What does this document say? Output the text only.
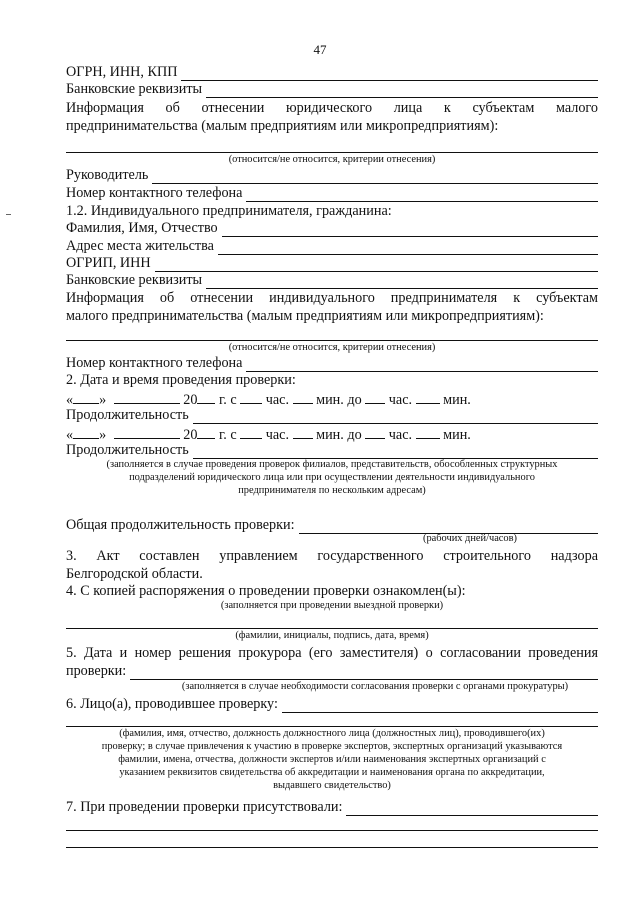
47
ОГРН, ИНН, КПП
Банковские реквизиты
Информация об отнесении юридического лица к субъектам малого
предпринимательства (малым предприятиям или микропредприятиям):
(относится/не относится, критерии отнесения)
Руководитель
Номер контактного телефона
1.2. Индивидуального предпринимателя, гражданина:
Фамилия, Имя, Отчество
Адрес места жительства
ОГРИП, ИНН
Банковские реквизиты
Информация об отнесении индивидуального предпринимателя к субъектам
малого предпринимательства (малым предприятиям или микропредприятиям):
(относится/не относится, критерии отнесения)
Номер контактного телефона
2. Дата и время проведения проверки:
« »	20 г. с час. мин. до час. мин.
Продолжительность
« »	20 г. с час. мин. до час. мин.
Продолжительность
(заполняется в случае проведения проверок филиалов, представительств, обособленных структурных
подразделений юридического лица или при осуществлении деятельности индивидуального
предпринимателя по нескольким адресам)
Общая продолжительность проверки:
(рабочих дней/часов)
3. Акт составлен управлением государственного строительного надзора
Белгородской области.
4. С копией распоряжения о проведении проверки ознакомлен(ы):
(заполняется при проведении выездной проверки)
(фамилии, инициалы, подпись, дата, время)
5. Дата и номер решения прокурора (его заместителя) о согласовании проведения
проверки:
(заполняется в случае необходимости согласования проверки с органами прокуратуры)
6. Лицо(а), проводившее проверку:
(фамилия, имя, отчество, должность должностного лица (должностных лиц), проводившего(их)
проверку; в случае привлечения к участию в проверке экспертов, экспертных организаций указываются
фамилии, имена, отчества, должности экспертов и/или наименования экспертных организаций с
указанием реквизитов свидетельства об аккредитации и наименования органа по аккредитации,
выдавшего свидетельство)
7. При проведении проверки присутствовали:
